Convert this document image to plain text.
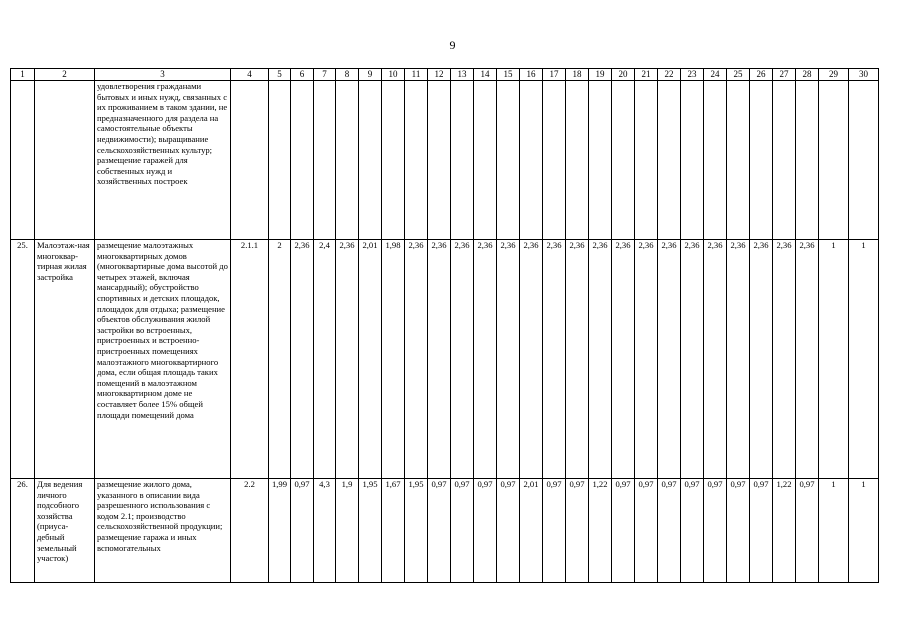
9
1	2	3	4	5	6	7	8	9	10	11	12	13	14	15	16	17	18	19	20	21	22	23	24	25	26	27	28	29	30
		удовлетворения гражданами бытовых и иных нужд, связанных с их проживанием в таком здании, не предназначенного для раздела на самостоятельные объекты недвижимости); выращивание сельскохозяйственных культур; размещение гаражей для собственных нужд и хозяйственных построек																											
25.	Малоэтаж-ная многоквар-тирная жилая застройка	размещение малоэтажных многоквартирных домов (многоквартирные дома высотой до четырех этажей, включая мансардный); обустройство спортивных и детских площадок, площадок для отдыха; размещение объектов обслуживания жилой застройки во встроенных, пристроенных и встроенно-пристроенных помещениях малоэтажного многоквартирного дома, если общая площадь таких помещений в малоэтажном многоквартирном доме не составляет более 15% общей площади помещений дома	2.1.1	2	2,36	2,4	2,36	2,01	1,98	2,36	2,36	2,36	2,36	2,36	2,36	2,36	2,36	2,36	2,36	2,36	2,36	2,36	2,36	2,36	2,36	2,36	2,36	1	1
26.	Для ведения личного подсобного хозяйства (приуса-дебный земельный участок)	размещение жилого дома, указанного в описании вида разрешенного использования с кодом 2.1; производство сельскохозяйственной продукции; размещение гаража и иных вспомогательных	2.2	1,99	0,97	4,3	1,9	1,95	1,67	1,95	0,97	0,97	0,97	0,97	2,01	0,97	0,97	1,22	0,97	0,97	0,97	0,97	0,97	0,97	0,97	1,22	0,97	1	1
